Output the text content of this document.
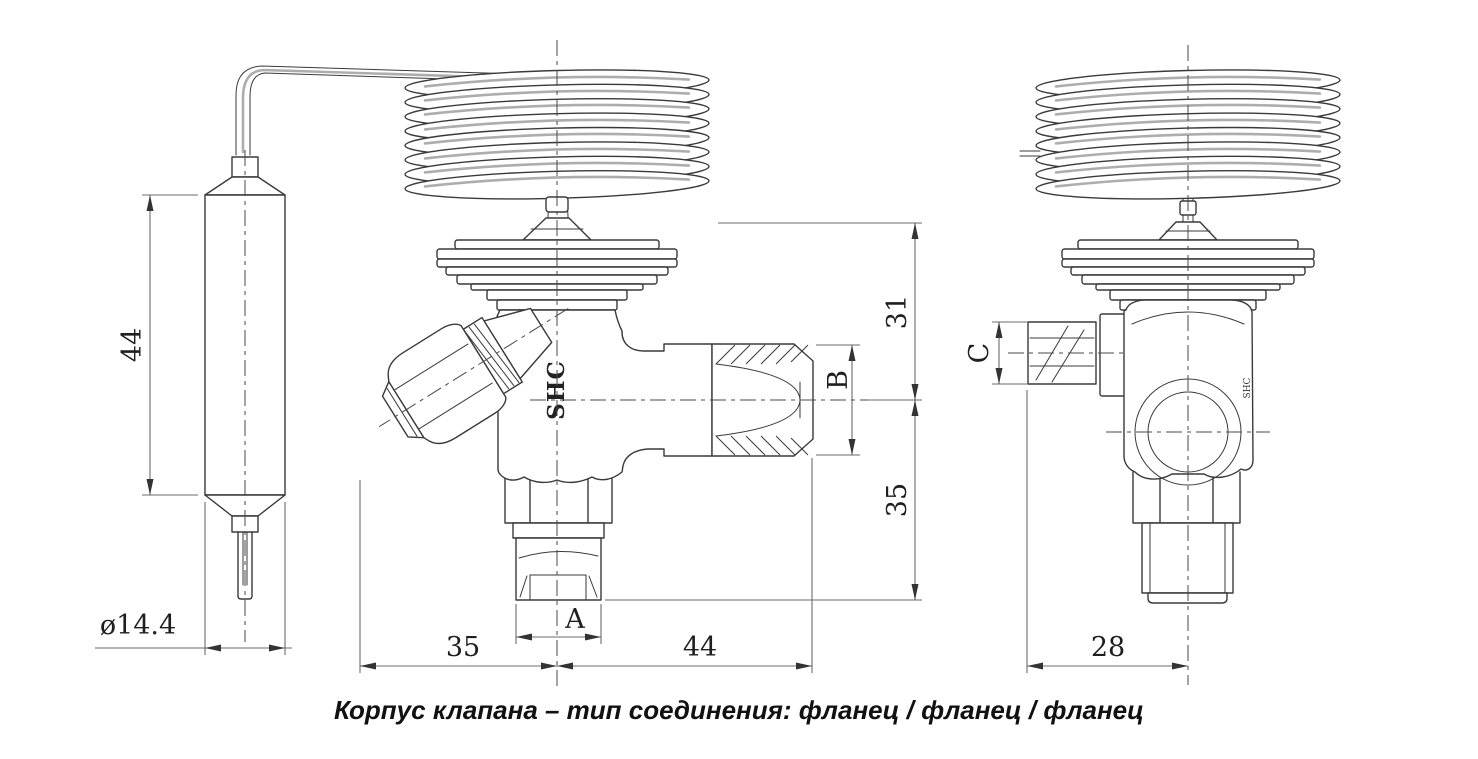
44
ø14.4
SHC
35	44
A
31
35
B	SHC
C
28
Корпус клапана – тип соединения: фланец / фланец / фланец
